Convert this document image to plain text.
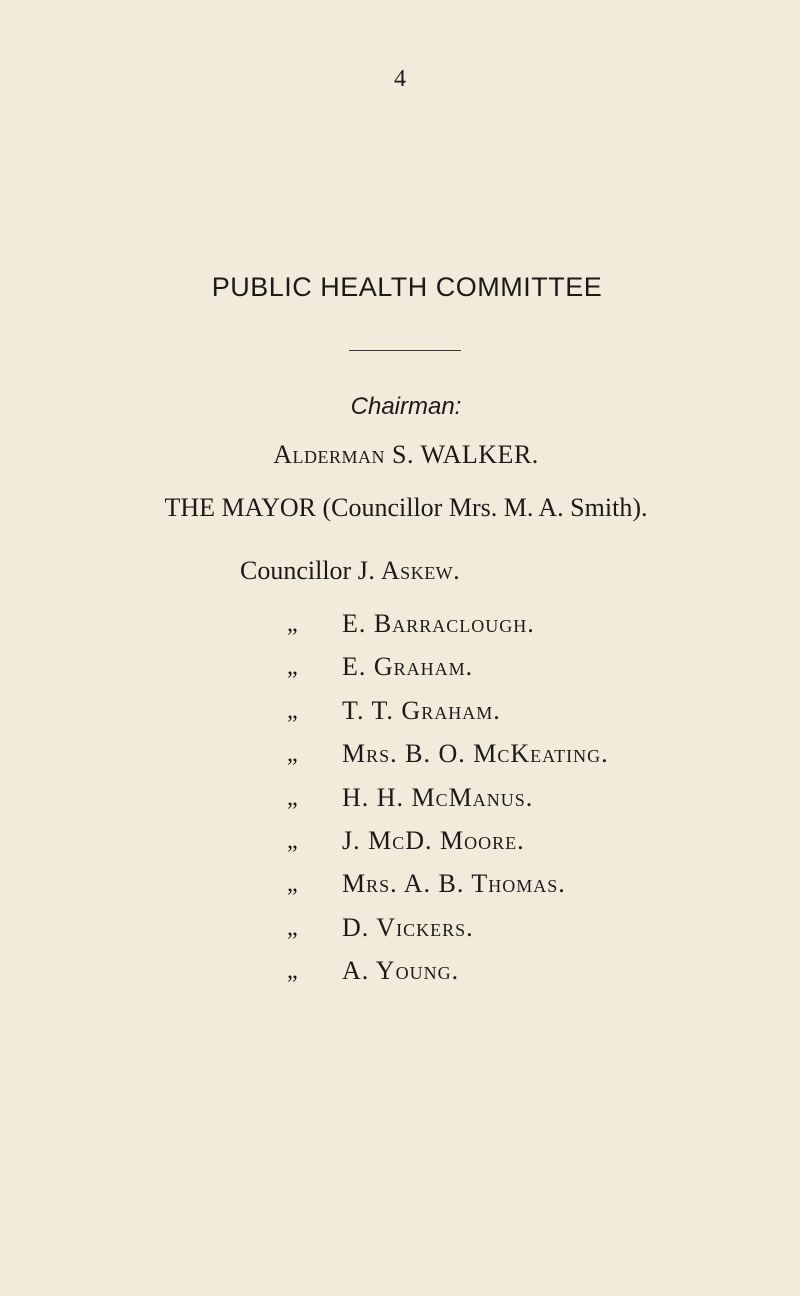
4
PUBLIC HEALTH COMMITTEE
Chairman:
Alderman S. WALKER.
THE MAYOR (Councillor Mrs. M. A. Smith).
Councillor J. Askew.
„ E. Barraclough.
„ E. Graham.
„ T. T. Graham.
„ Mrs. B. O. McKeating.
„ H. H. McManus.
„ J. McD. Moore.
„ Mrs. A. B. Thomas.
„ D. Vickers.
„ A. Young.
